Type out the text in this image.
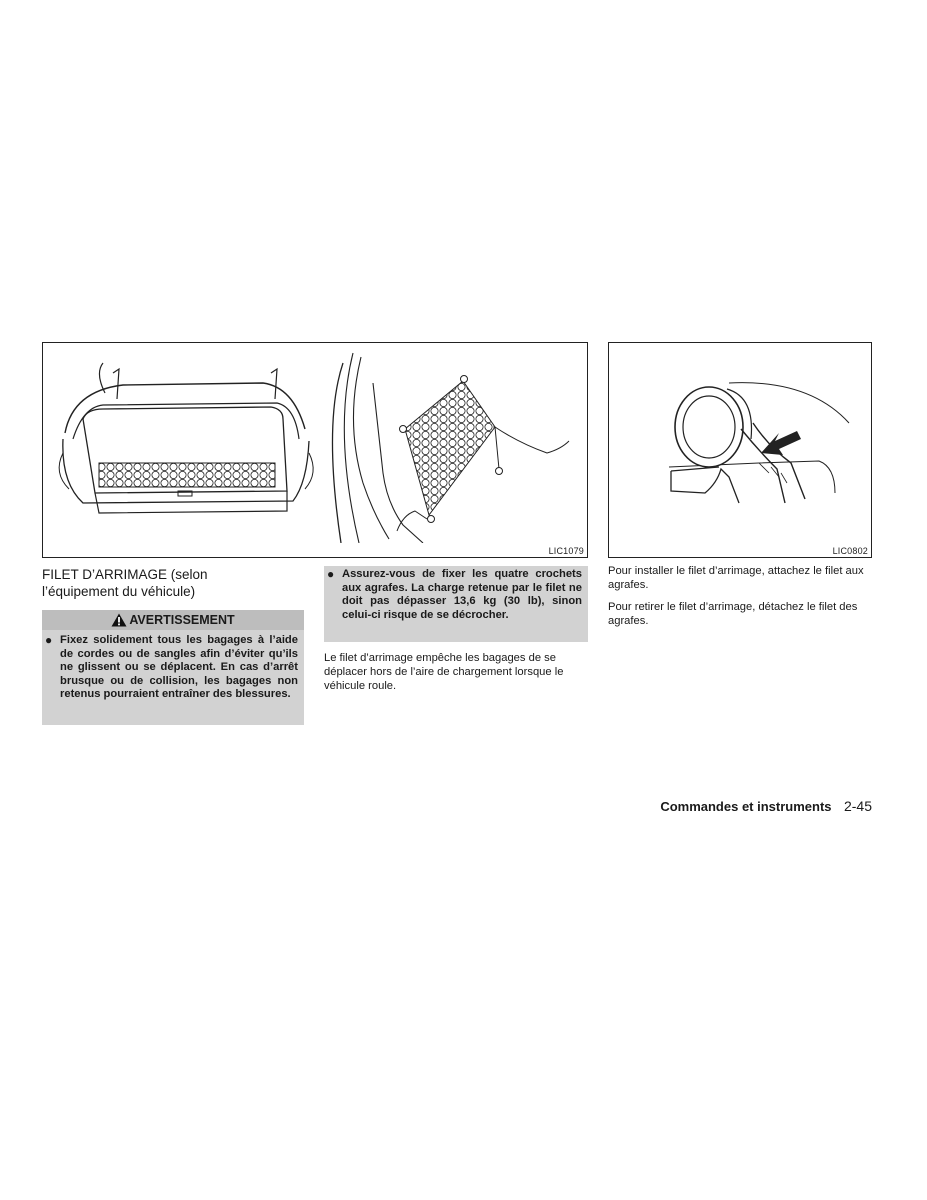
LIC1079	LIC0802
FILET D’ARRIMAGE (selon
l’équipement du véhicule)
AVERTISSEMENT
● Fixez solidement tous les bagages à l’aide de cordes ou de sangles afin d’éviter qu’ils ne glissent ou se déplacent. En cas d’arrêt brusque ou de collision, les bagages non retenus pourraient entraîner des blessures.
● Assurez-vous de fixer les quatre crochets aux agrafes. La charge retenue par le filet ne doit pas dépasser 13,6 kg (30 lb), sinon celui-ci risque de se décrocher.
Le filet d’arrimage empêche les bagages de se déplacer hors de l’aire de chargement lorsque le véhicule roule.
Pour installer le filet d’arrimage, attachez le filet aux agrafes.
Pour retirer le filet d’arrimage, détachez le filet des agrafes.
Commandes et instruments 2-45
